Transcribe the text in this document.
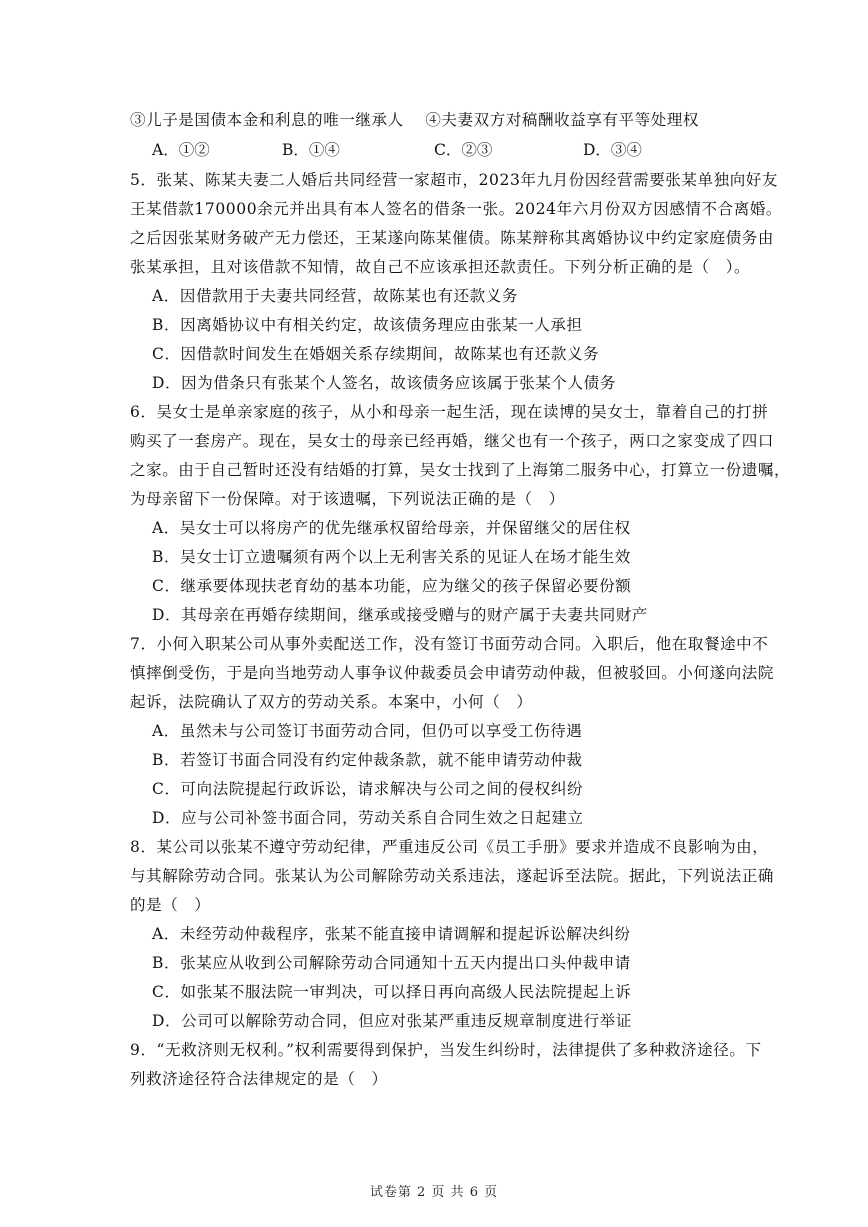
③儿子是国债本金和利息的唯一继承人　 ④夫妻双方对稿酬收益享有平等处理权
A．①②	B．①④	C．②③	D．③④
5．张某、陈某夫妻二人婚后共同经营一家超市，2023年九月份因经营需要张某单独向好友
王某借款170000余元并出具有本人签名的借条一张。2024年六月份双方因感情不合离婚。
之后因张某财务破产无力偿还，王某遂向陈某催债。陈某辩称其离婚协议中约定家庭债务由
张某承担，且对该借款不知情，故自己不应该承担还款责任。下列分析正确的是（　）。
A．因借款用于夫妻共同经营，故陈某也有还款义务
B．因离婚协议中有相关约定，故该债务理应由张某一人承担
C．因借款时间发生在婚姻关系存续期间，故陈某也有还款义务
D．因为借条只有张某个人签名，故该债务应该属于张某个人债务
6．吴女士是单亲家庭的孩子，从小和母亲一起生活，现在读博的吴女士，靠着自己的打拼
购买了一套房产。现在，吴女士的母亲已经再婚，继父也有一个孩子，两口之家变成了四口
之家。由于自己暂时还没有结婚的打算，吴女士找到了上海第二服务中心，打算立一份遗嘱，
为母亲留下一份保障。对于该遗嘱，下列说法正确的是（　）
A．吴女士可以将房产的优先继承权留给母亲，并保留继父的居住权
B．吴女士订立遗嘱须有两个以上无利害关系的见证人在场才能生效
C．继承要体现扶老育幼的基本功能，应为继父的孩子保留必要份额
D．其母亲在再婚存续期间，继承或接受赠与的财产属于夫妻共同财产
7．小何入职某公司从事外卖配送工作，没有签订书面劳动合同。入职后，他在取餐途中不
慎摔倒受伤，于是向当地劳动人事争议仲裁委员会申请劳动仲裁，但被驳回。小何遂向法院
起诉，法院确认了双方的劳动关系。本案中，小何（　）
A．虽然未与公司签订书面劳动合同，但仍可以享受工伤待遇
B．若签订书面合同没有约定仲裁条款，就不能申请劳动仲裁
C．可向法院提起行政诉讼，请求解决与公司之间的侵权纠纷
D．应与公司补签书面合同，劳动关系自合同生效之日起建立
8．某公司以张某不遵守劳动纪律，严重违反公司《员工手册》要求并造成不良影响为由，
与其解除劳动合同。张某认为公司解除劳动关系违法，遂起诉至法院。据此，下列说法正确
的是（　）
A．未经劳动仲裁程序，张某不能直接申请调解和提起诉讼解决纠纷
B．张某应从收到公司解除劳动合同通知十五天内提出口头仲裁申请
C．如张某不服法院一审判决，可以择日再向高级人民法院提起上诉
D．公司可以解除劳动合同，但应对张某严重违反规章制度进行举证
9．“无救济则无权利。”权利需要得到保护，当发生纠纷时，法律提供了多种救济途径。下
列救济途径符合法律规定的是（　）
试卷第 2 页 共 6 页
